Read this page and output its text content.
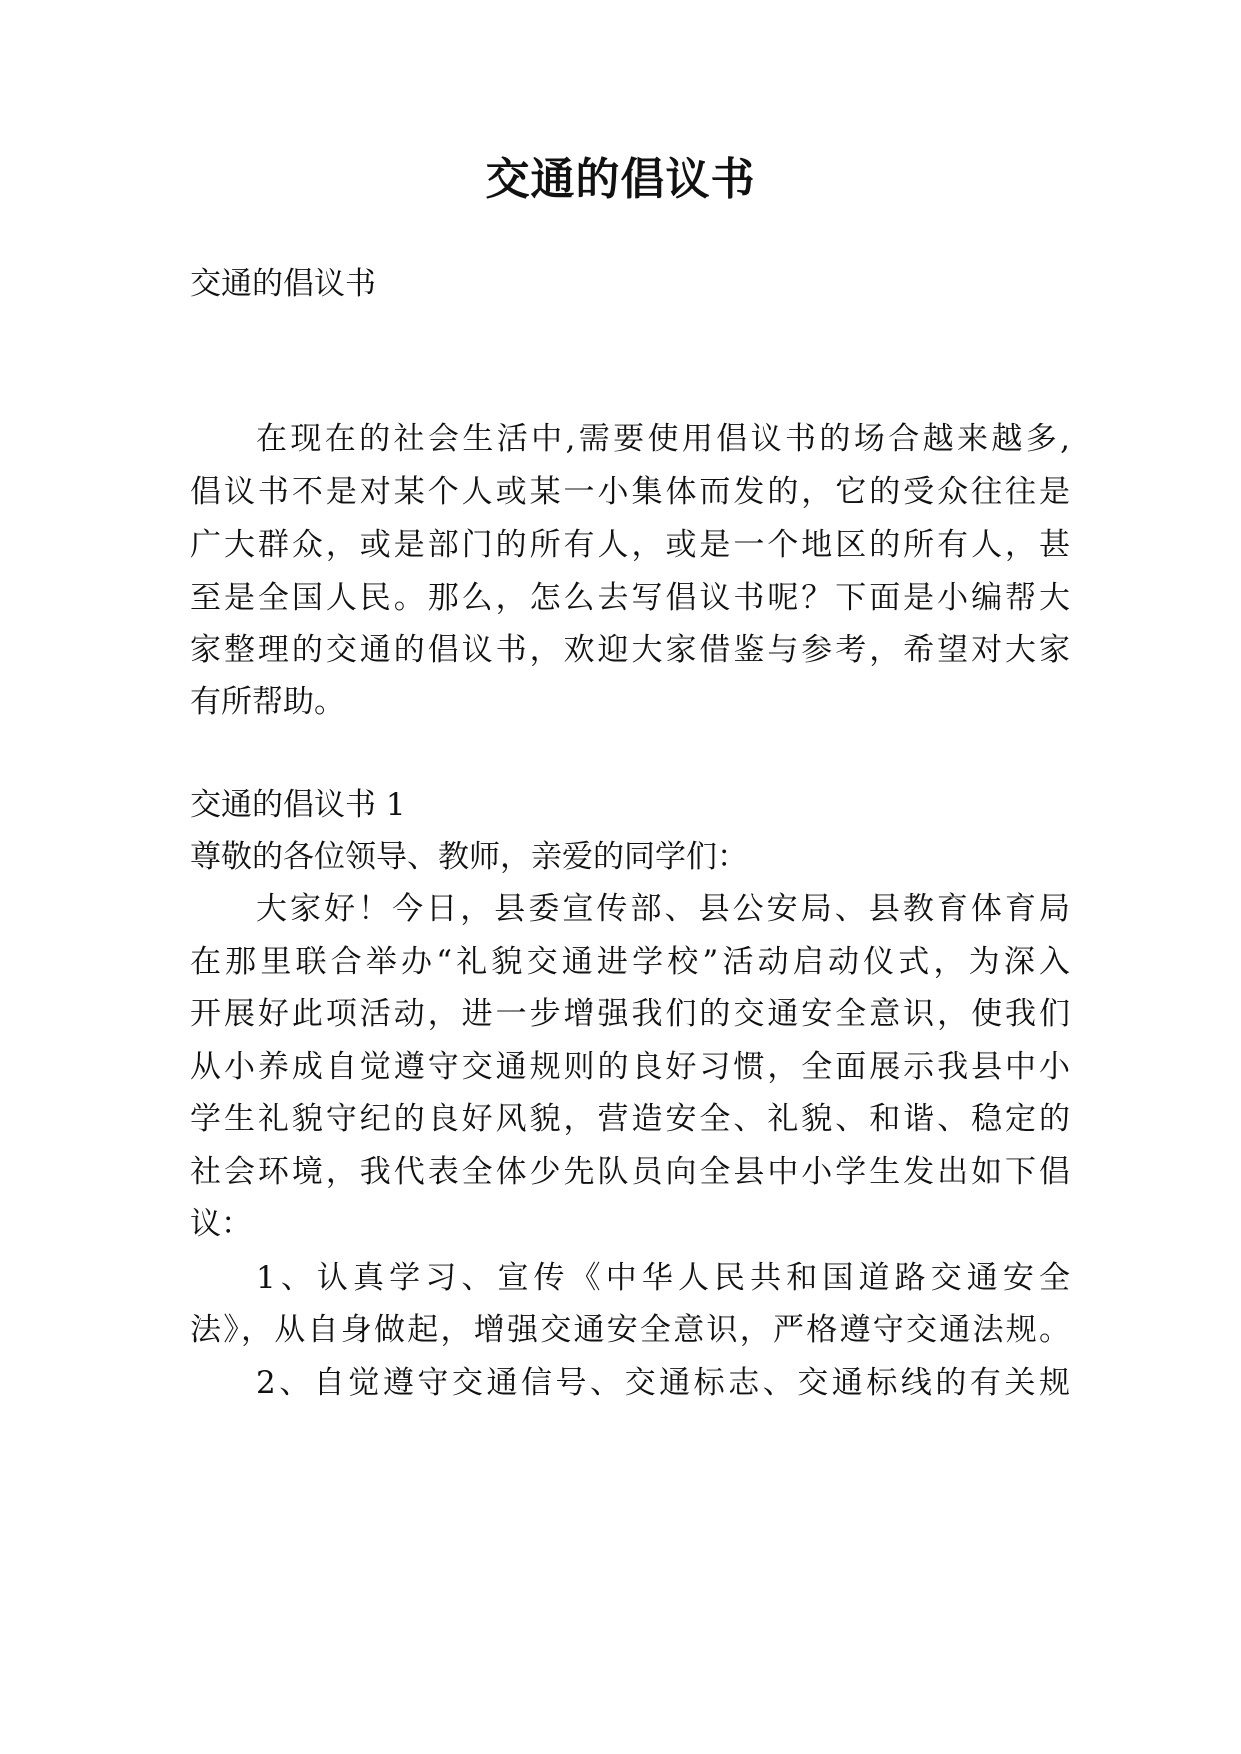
交通的倡议书

交通的倡议书

在现在的社会生活中,需要使用倡议书的场合越来越多,

倡议书不是对某个人或某一小集体而发的，它的受众往往是

广大群众，或是部门的所有人，或是一个地区的所有人，甚

至是全国人民。那么，怎么去写倡议书呢？下面是小编帮大

家整理的交通的倡议书，欢迎大家借鉴与参考，希望对大家

有所帮助。

交通的倡议书 1

尊敬的各位领导、教师，亲爱的同学们：

大家好！今日，县委宣传部、县公安局、县教育体育局

在那里联合举办“礼貌交通进学校”活动启动仪式，为深入

开展好此项活动，进一步增强我们的交通安全意识，使我们

从小养成自觉遵守交通规则的良好习惯，全面展示我县中小

学生礼貌守纪的良好风貌，营造安全、礼貌、和谐、稳定的

社会环境，我代表全体少先队员向全县中小学生发出如下倡

议：

1、认真学习、宣传《中华人民共和国道路交通安全

法》，从自身做起，增强交通安全意识，严格遵守交通法规。

2、自觉遵守交通信号、交通标志、交通标线的有关规
